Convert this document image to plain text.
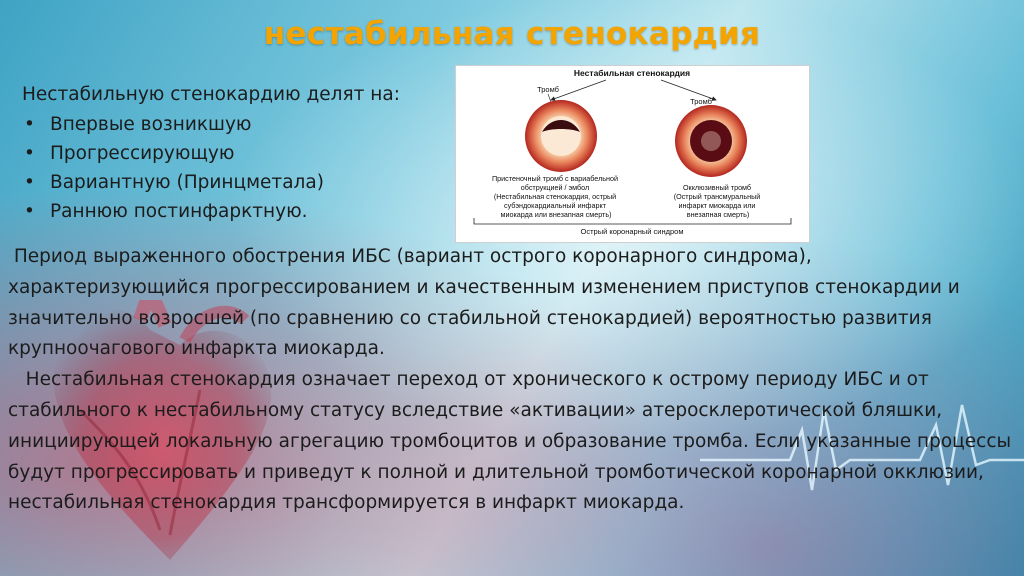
нестабильная стенокардия

Нестабильную стенокардию делят на:

• Впервые возникшую
• Прогрессирующую
• Вариантную (Принцметала)
• Раннюю постинфарктную.
Нестабильная стенокардия
Тромб
Тромб
Пристеночный тромб с вариабельной обструкцией / эмбол (Нестабильная стенокардия, острый субэндокардиальный инфаркт миокарда или внезапная смерть)
Окклюзивный тромб (Острый трансмуральный инфаркт миокарда или внезапная смерть)
Острый коронарный синдром

Период выраженного обострения ИБС (вариант острого коронарного синдрома), характеризующийся прогрессированием и качественным изменением приступов стенокардии и значительно возросшей (по сравнению со стабильной стенокардией) вероятностью развития крупноочагового инфаркта миокарда.

Нестабильная стенокардия означает переход от хронического к острому периоду ИБС и от стабильного к нестабильному статусу вследствие «активации» атеросклеротической бляшки, инициирующей локальную агрегацию тромбоцитов и образование тромба. Если указанные процессы будут прогрессировать и приведут к полной и длительной тромботической коронарной окклюзии, нестабильная стенокардия трансформируется в инфаркт миокарда.
